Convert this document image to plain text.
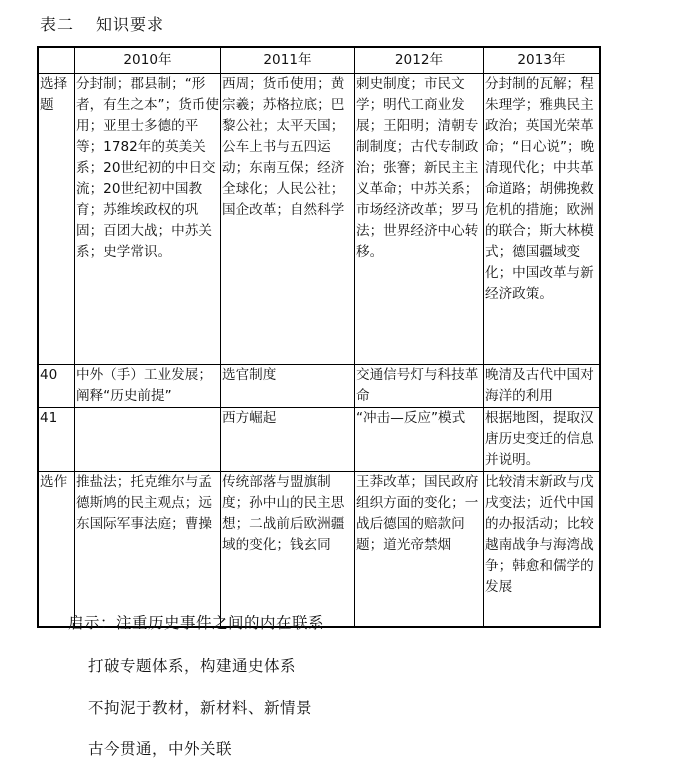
表二 知识要求
	2010年	2011年	2012年	2013年
选择题	分封制；郡县制；“形者，有生之本”；货币使用；亚里士多德的平等；1782年的英美关系；20世纪初的中日交流；20世纪初中国教育；苏维埃政权的巩固；百团大战；中苏关系；史学常识。	西周；货币使用；黄宗羲；苏格拉底；巴黎公社；太平天国；公车上书与五四运动；东南互保；经济全球化；人民公社；国企改革；自然科学	刺史制度；市民文学；明代工商业发展；王阳明；清朝专制制度；古代专制政治；张謇；新民主主义革命；中苏关系；市场经济改革；罗马法；世界经济中心转移。	分封制的瓦解；程朱理学；雅典民主政治；英国光荣革命；“日心说”；晚清现代化；中共革命道路；胡佛挽救危机的措施；欧洲的联合；斯大林模式；德国疆域变化；中国改革与新经济政策。
40	中外（手）工业发展；阐释“历史前提”	选官制度	交通信号灯与科技革命	晚清及古代中国对海洋的利用
41		西方崛起	“冲击—反应”模式	根据地图，提取汉唐历史变迁的信息并说明。
选作	推盐法；托克维尔与孟德斯鸠的民主观点；远东国际军事法庭；曹操	传统部落与盟旗制度；孙中山的民主思想；二战前后欧洲疆域的变化；钱玄同	王莽改革；国民政府组织方面的变化；一战后德国的赔款问题；道光帝禁烟	比较清末新政与戊戌变法；近代中国的办报活动；比较越南战争与海湾战争；韩愈和儒学的发展

启示：注重历史事件之间的内在联系

打破专题体系，构建通史体系

不拘泥于教材，新材料、新情景

古今贯通，中外关联
